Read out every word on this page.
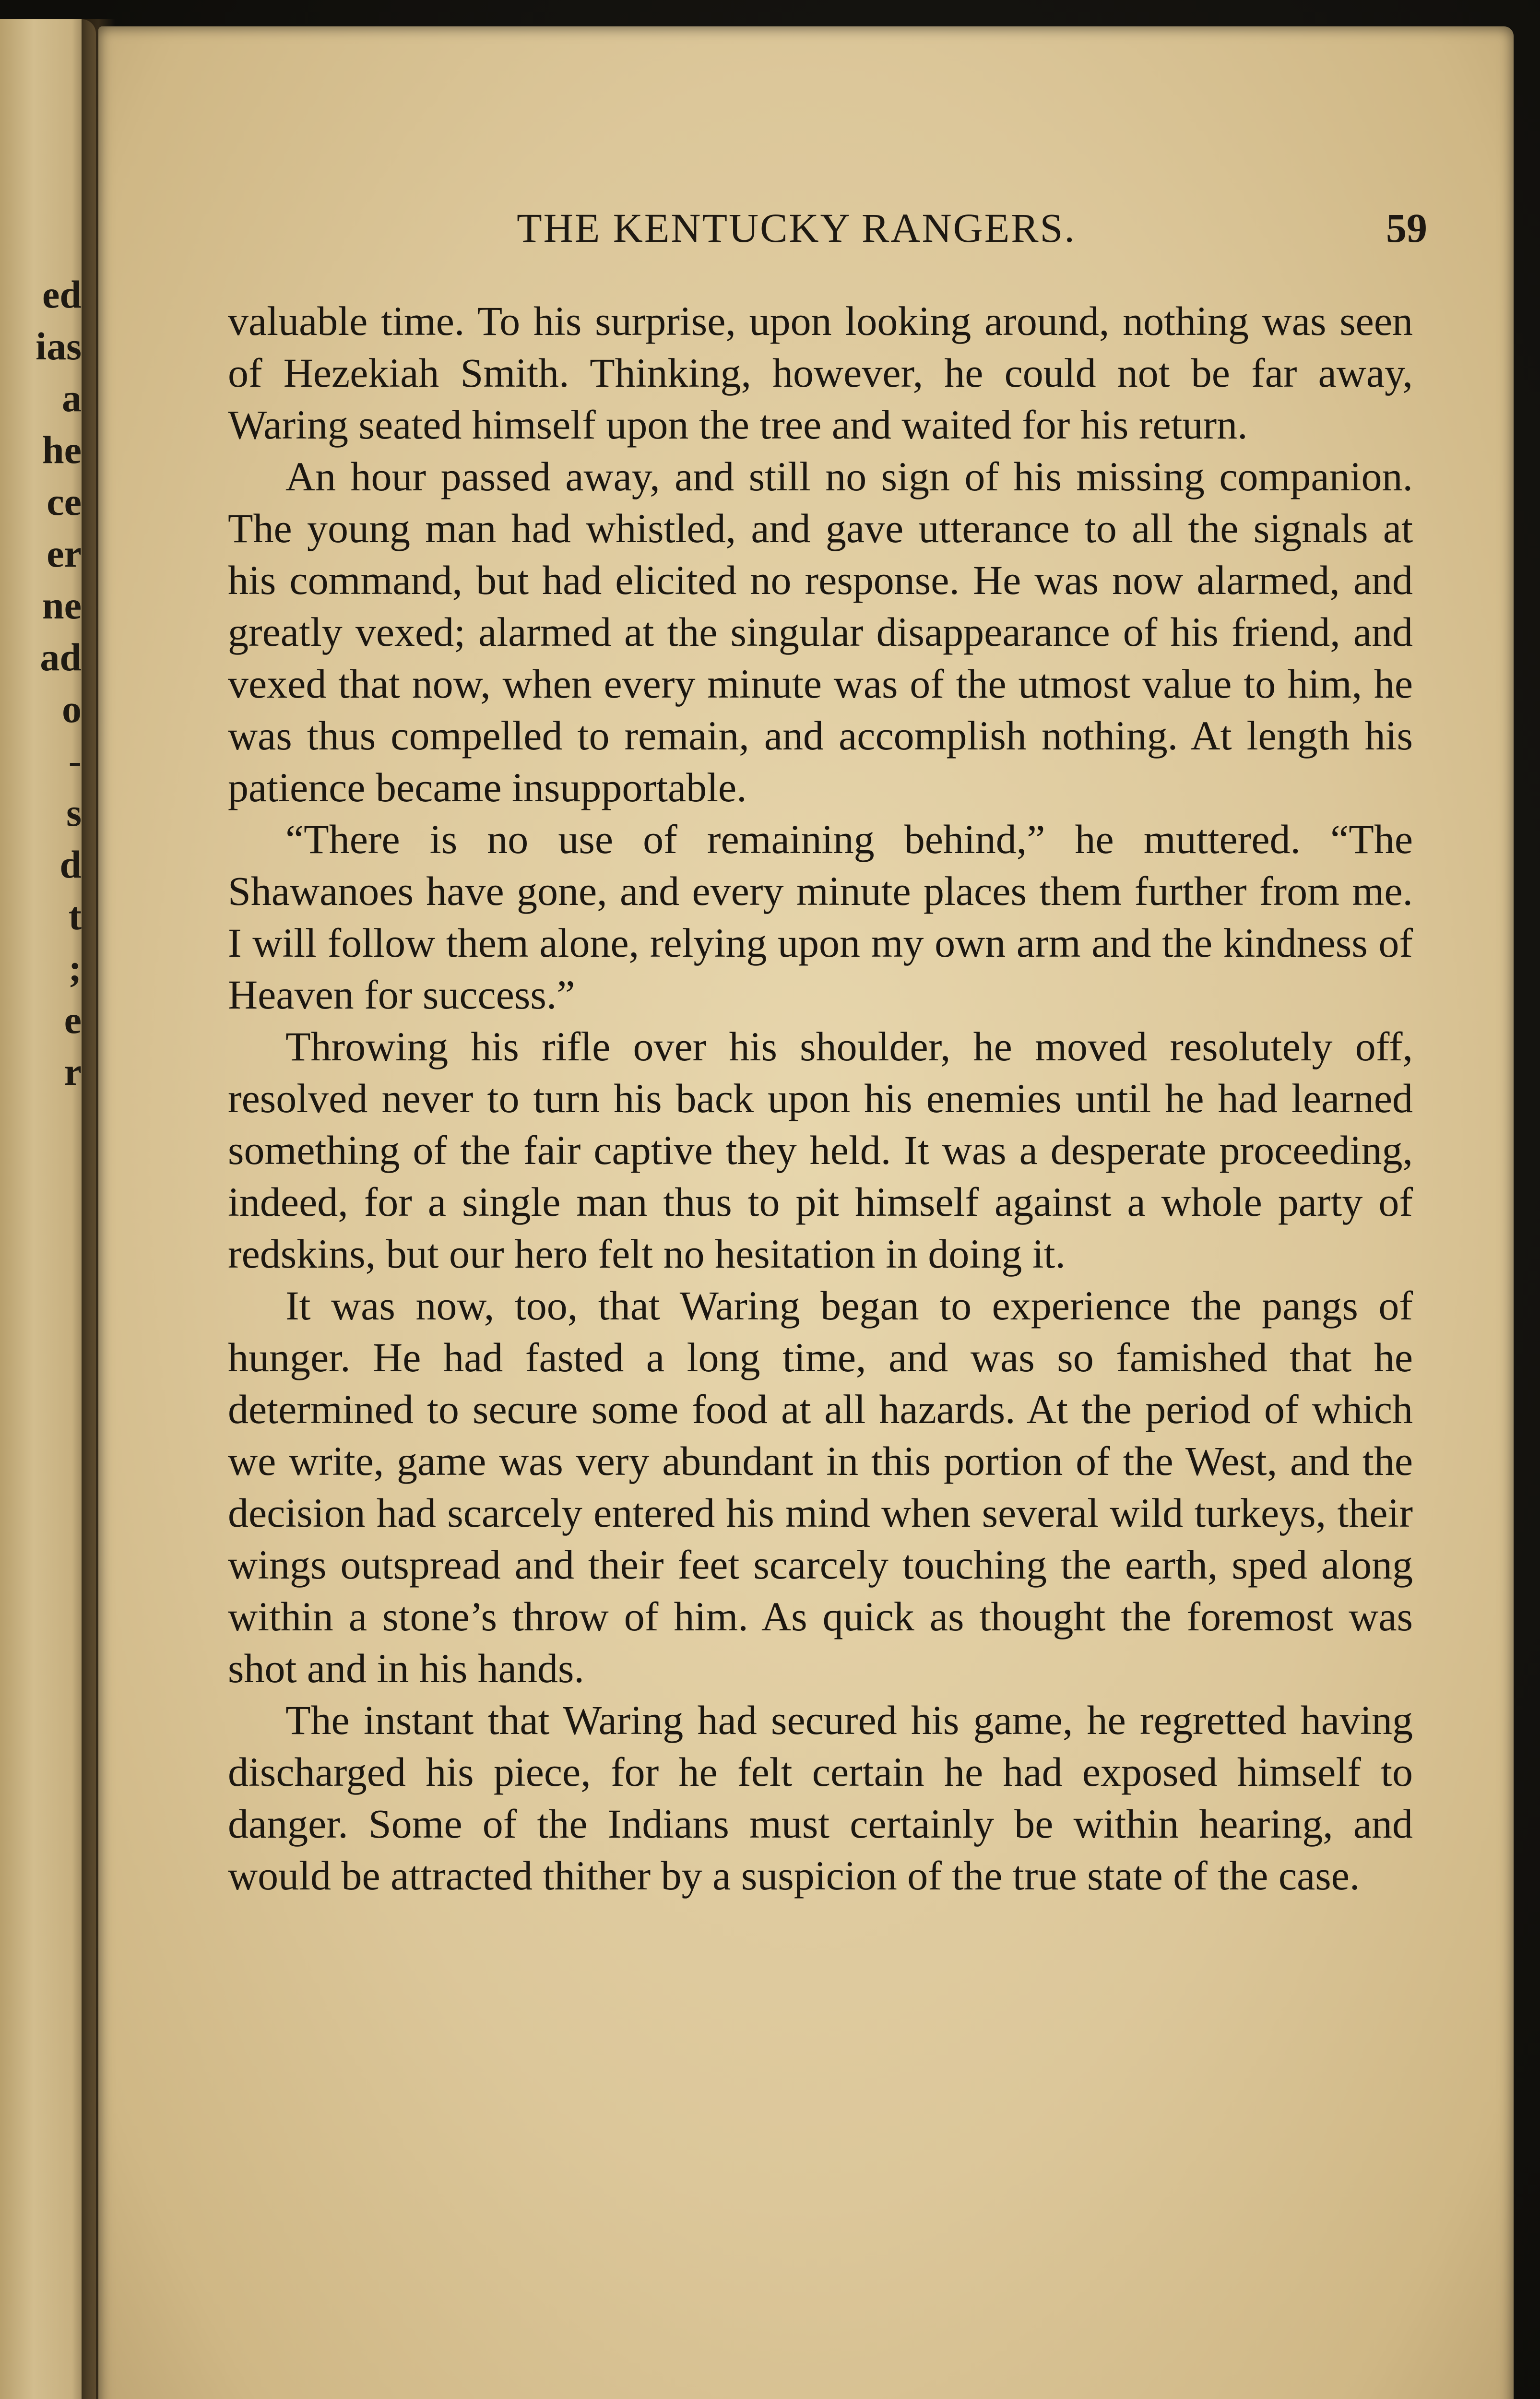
ed
ias
a
he
ce
er
ne
ad
o
-
s
d
t
;
e
r
THE KENTUCKY RANGERS.	59

valuable time. To his surprise, upon looking around, nothing was seen of Hezekiah Smith. Thinking, however, he could not be far away, Waring seated himself upon the tree and waited for his return.

An hour passed away, and still no sign of his missing companion. The young man had whistled, and gave utterance to all the signals at his command, but had elicited no response. He was now alarmed, and greatly vexed; alarmed at the singular disappearance of his friend, and vexed that now, when every minute was of the utmost value to him, he was thus compelled to remain, and accomplish nothing. At length his patience became insupportable.

“There is no use of remaining behind,” he muttered. “The Shawanoes have gone, and every minute places them further from me. I will follow them alone, relying upon my own arm and the kindness of Heaven for success.”

Throwing his rifle over his shoulder, he moved resolutely off, resolved never to turn his back upon his enemies until he had learned something of the fair captive they held. It was a desperate proceeding, indeed, for a single man thus to pit himself against a whole party of redskins, but our hero felt no hesitation in doing it.

It was now, too, that Waring began to experience the pangs of hunger. He had fasted a long time, and was so famished that he determined to secure some food at all hazards. At the period of which we write, game was very abundant in this portion of the West, and the decision had scarcely entered his mind when several wild turkeys, their wings outspread and their feet scarcely touching the earth, sped along within a stone’s throw of him. As quick as thought the foremost was shot and in his hands.

The instant that Waring had secured his game, he regretted having discharged his piece, for he felt certain he had exposed himself to danger. Some of the Indians must certainly be within hearing, and would be attracted thither by a suspicion of the true state of the case.
